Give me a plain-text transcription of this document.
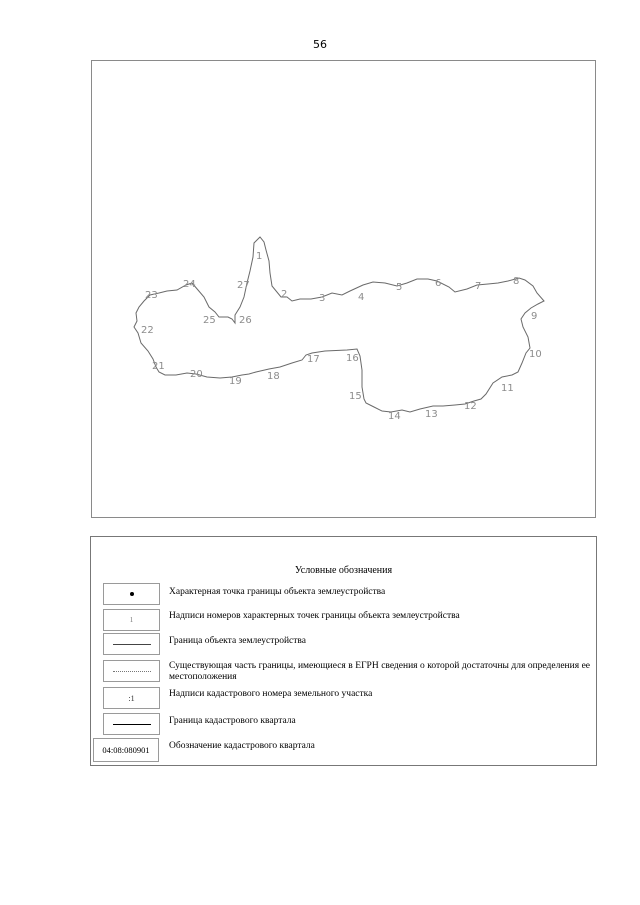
56
1
2	3	4
5	6	7	8
9
10
11
12
13
14
15
16
17
18
19
20
21
22
23
24
25 26
27
Условные обозначения
Характерная точка границы объекта землеустройства
1	Надписи номеров характерных точек границы объекта землеустройства
Граница объекта землеустройства
Существующая часть границы, имеющиеся в ЕГРН сведения о которой достаточны для определения ее местоположения
:1	Надписи кадастрового номера земельного участка
Граница кадастрового квартала
04:08:080901 Обозначение кадастрового квартала
